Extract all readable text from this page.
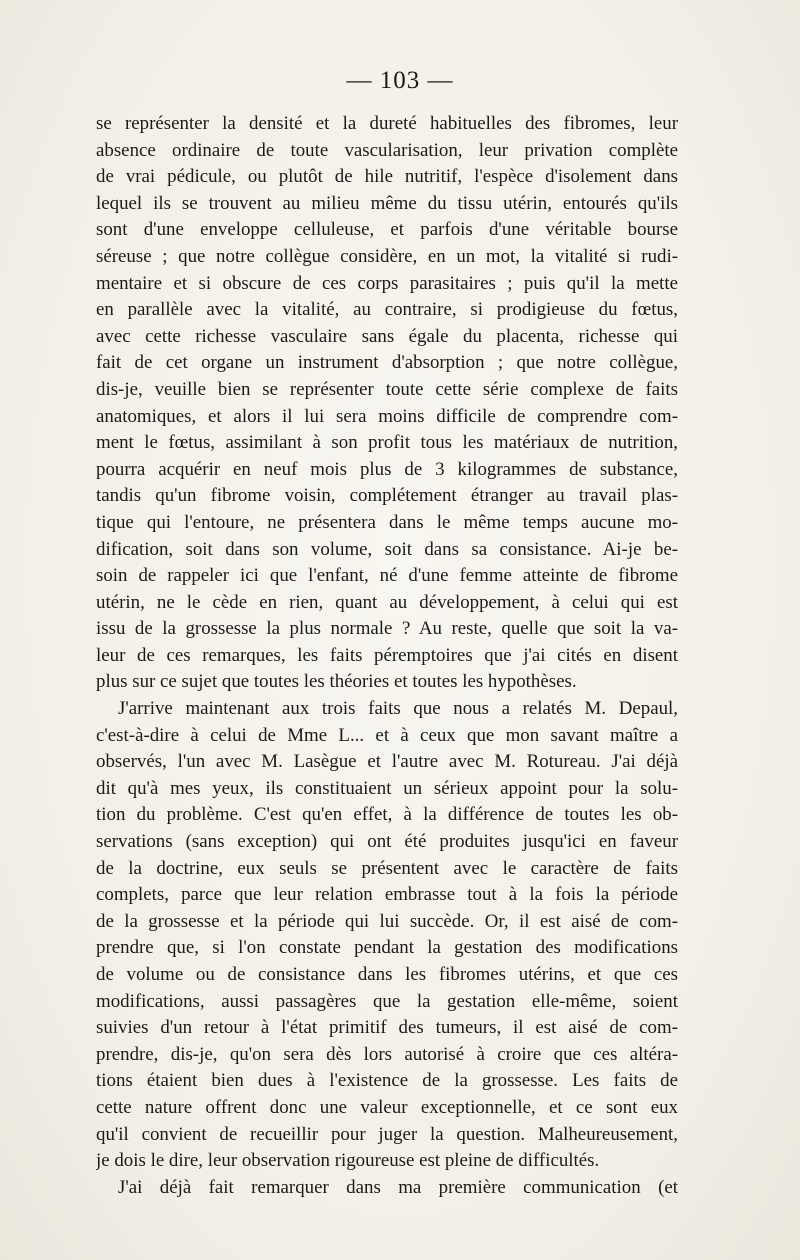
— 103 —
se représenter la densité et la dureté habituelles des fibromes, leur
absence ordinaire de toute vascularisation, leur privation complète
de vrai pédicule, ou plutôt de hile nutritif, l'espèce d'isolement dans
lequel ils se trouvent au milieu même du tissu utérin, entourés qu'ils
sont d'une enveloppe celluleuse, et parfois d'une véritable bourse
séreuse ; que notre collègue considère, en un mot, la vitalité si rudi-
mentaire et si obscure de ces corps parasitaires ; puis qu'il la mette
en parallèle avec la vitalité, au contraire, si prodigieuse du fœtus,
avec cette richesse vasculaire sans égale du placenta, richesse qui
fait de cet organe un instrument d'absorption ; que notre collègue,
dis-je, veuille bien se représenter toute cette série complexe de faits
anatomiques, et alors il lui sera moins difficile de comprendre com-
ment le fœtus, assimilant à son profit tous les matériaux de nutrition,
pourra acquérir en neuf mois plus de 3 kilogrammes de substance,
tandis qu'un fibrome voisin, complétement étranger au travail plas-
tique qui l'entoure, ne présentera dans le même temps aucune mo-
dification, soit dans son volume, soit dans sa consistance. Ai-je be-
soin de rappeler ici que l'enfant, né d'une femme atteinte de fibrome
utérin, ne le cède en rien, quant au développement, à celui qui est
issu de la grossesse la plus normale ? Au reste, quelle que soit la va-
leur de ces remarques, les faits péremptoires que j'ai cités en disent
plus sur ce sujet que toutes les théories et toutes les hypothèses.
J'arrive maintenant aux trois faits que nous a relatés M. Depaul,
c'est-à-dire à celui de Mme L... et à ceux que mon savant maître a
observés, l'un avec M. Lasègue et l'autre avec M. Rotureau. J'ai déjà
dit qu'à mes yeux, ils constituaient un sérieux appoint pour la solu-
tion du problème. C'est qu'en effet, à la différence de toutes les ob-
servations (sans exception) qui ont été produites jusqu'ici en faveur
de la doctrine, eux seuls se présentent avec le caractère de faits
complets, parce que leur relation embrasse tout à la fois la période
de la grossesse et la période qui lui succède. Or, il est aisé de com-
prendre que, si l'on constate pendant la gestation des modifications
de volume ou de consistance dans les fibromes utérins, et que ces
modifications, aussi passagères que la gestation elle-même, soient
suivies d'un retour à l'état primitif des tumeurs, il est aisé de com-
prendre, dis-je, qu'on sera dès lors autorisé à croire que ces altéra-
tions étaient bien dues à l'existence de la grossesse. Les faits de
cette nature offrent donc une valeur exceptionnelle, et ce sont eux
qu'il convient de recueillir pour juger la question. Malheureusement,
je dois le dire, leur observation rigoureuse est pleine de difficultés.
J'ai déjà fait remarquer dans ma première communication (et
